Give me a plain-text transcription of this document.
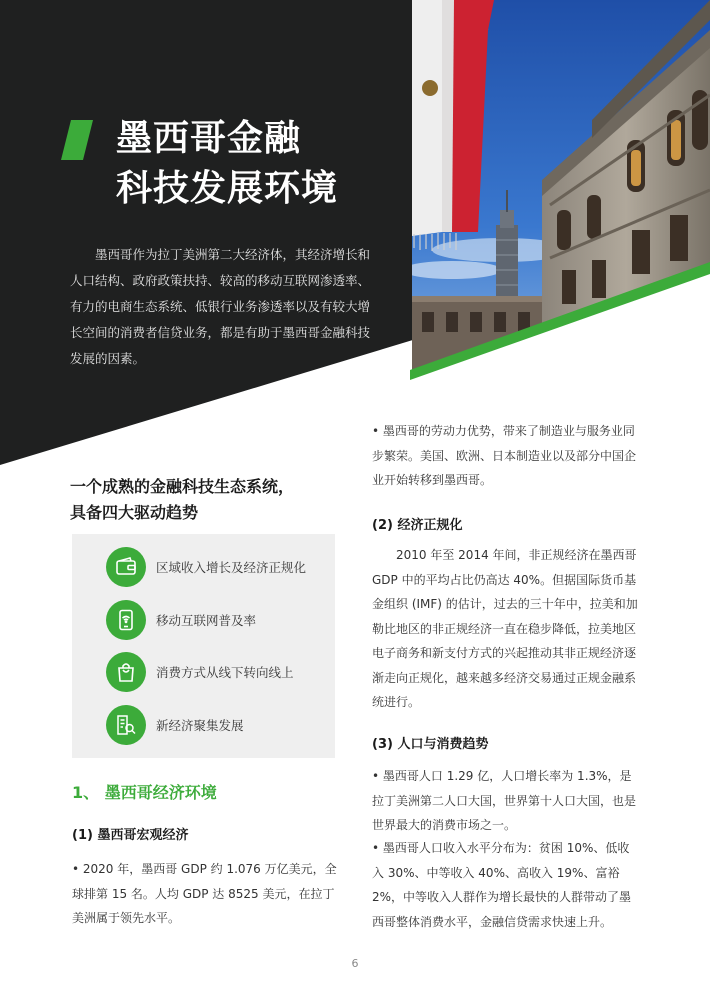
墨西哥金融
科技发展环境

墨西哥作为拉丁美洲第二大经济体，其经济增长和人口结构、政府政策扶持、较高的移动互联网渗透率、有力的电商生态系统、低银行业务渗透率以及有较大增长空间的消费者信贷业务，都是有助于墨西哥金融科技发展的因素。

一个成熟的金融科技生态系统，
具备四大驱动趋势
区域收入增长及经济正规化
移动互联网普及率
消费方式从线下转向线上
新经济聚集发展
1、 墨西哥经济环境
(1) 墨西哥宏观经济

• 2020 年，墨西哥 GDP 约 1.076 万亿美元，全球排第 15 名。人均 GDP 达 8525 美元，在拉丁美洲属于领先水平。

• 墨西哥的劳动力优势，带来了制造业与服务业同步繁荣。美国、欧洲、日本制造业以及部分中国企业开始转移到墨西哥。

(2) 经济正规化

2010 年至 2014 年间，非正规经济在墨西哥 GDP 中的平均占比仍高达 40%。但据国际货币基金组织 (IMF) 的估计，过去的三十年中，拉美和加勒比地区的非正规经济一直在稳步降低，拉美地区电子商务和新支付方式的兴起推动其非正规经济逐渐走向正规化，越来越多经济交易通过正规金融系统进行。

(3) 人口与消费趋势

• 墨西哥人口 1.29 亿，人口增长率为 1.3%，是拉丁美洲第二人口大国，世界第十人口大国，也是世界最大的消费市场之一。

• 墨西哥人口收入水平分布为：贫困 10%、低收入 30%、中等收入 40%、高收入 19%、富裕 2%，中等收入人群作为增长最快的人群带动了墨西哥整体消费水平，金融信贷需求快速上升。

6
